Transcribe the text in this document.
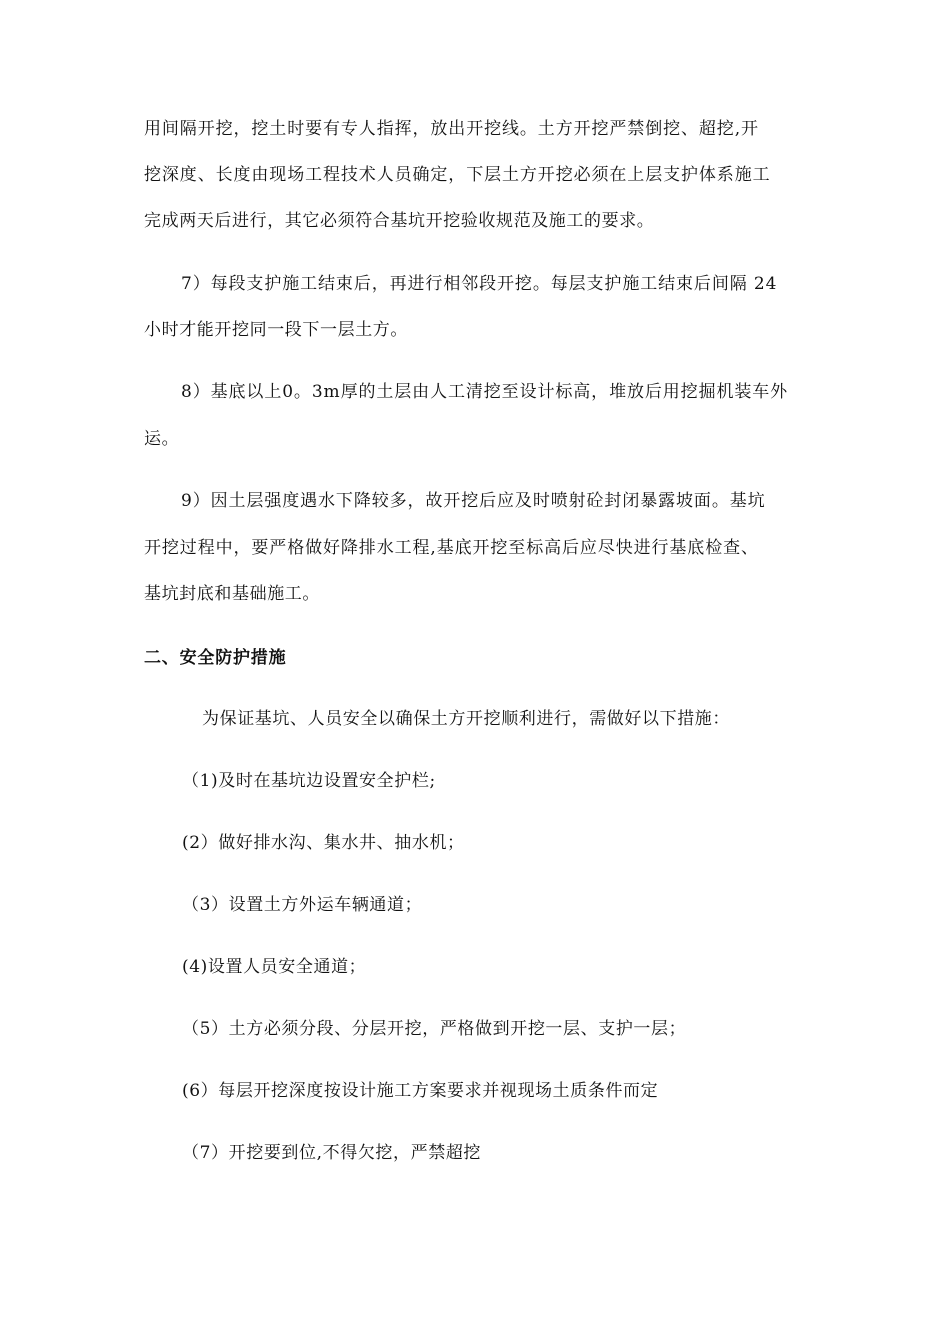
用间隔开挖，挖土时要有专人指挥，放出开挖线。土方开挖严禁倒挖、超挖,开
挖深度、长度由现场工程技术人员确定，下层土方开挖必须在上层支护体系施工
完成两天后进行，其它必须符合基坑开挖验收规范及施工的要求。
7）每段支护施工结束后，再进行相邻段开挖。每层支护施工结束后间隔 24
小时才能开挖同一段下一层土方。
8）基底以上0。3m厚的土层由人工清挖至设计标高，堆放后用挖掘机装车外
运。
9）因土层强度遇水下降较多，故开挖后应及时喷射砼封闭暴露坡面。基坑
开挖过程中，要严格做好降排水工程,基底开挖至标高后应尽快进行基底检查、
基坑封底和基础施工。
二、安全防护措施
为保证基坑、人员安全以确保土方开挖顺利进行，需做好以下措施：
（1)及时在基坑边设置安全护栏;
(2）做好排水沟、集水井、抽水机；
（3）设置土方外运车辆通道；
(4)设置人员安全通道；
（5）土方必须分段、分层开挖，严格做到开挖一层、支护一层；
(6）每层开挖深度按设计施工方案要求并视现场土质条件而定
（7）开挖要到位,不得欠挖，严禁超挖
